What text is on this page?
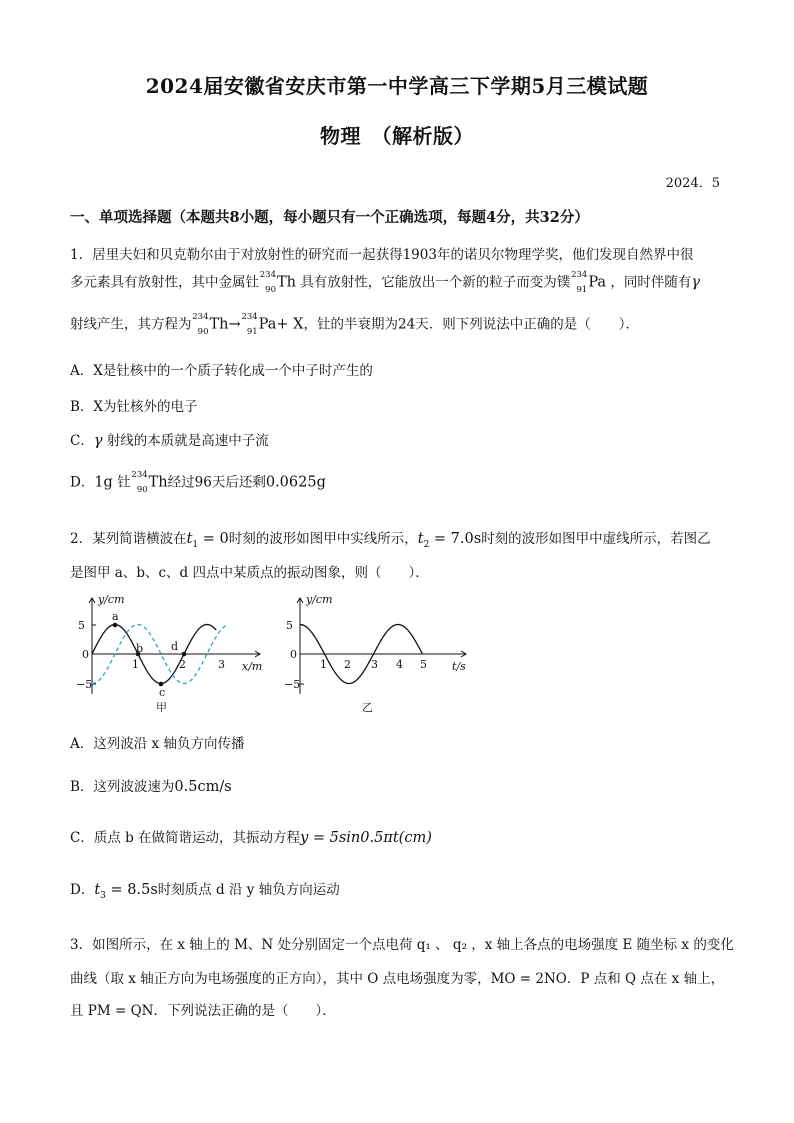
2024届安徽省安庆市第一中学高三下学期5月三模试题
物理　（解析版）
2024．5
一、单项选择题（本题共8小题，每小题只有一个正确选项，每题4分，共32分）
1．居里夫妇和贝克勒尔由于对放射性的研究而一起获得1903年的诺贝尔物理学奖，他们发现自然界中很
多元素具有放射性，其中金属钍 234
90 Th 具有放射性，它能放出一个新的粒子而变为镤 234
91 Pa ，同时伴随有γ
射线产生，其方程为 234
90 Th→ 234
91 Pa+ X，钍的半衰期为24天．则下列说法中正确的是（ ）．
A．X是钍核中的一个质子转化成一个中子时产生的
B．X为钍核外的电子
C．γ 射线的本质就是高速中子流
D．1g 钍 234
90 Th经过96天后还剩0.0625g
2．某列简谐横波在$t_1 = 0$时刻的波形如图甲中实线所示，$t_2 = 7.0s$时刻的波形如图甲中虚线所示，若图乙
是图甲 a、b、c、d 四点中某质点的振动图象，则（　　）．
y/cm
5
0
−5
1	2	3 x/m
a
b
c
d
甲
y/cm
5
0
−5
1 2 3 4 5 t/s
乙
A．这列波沿 x 轴负方向传播
B．这列波波速为0.5cm/s
C．质点 b 在做简谐运动，其振动方程y = 5sin0.5πt(cm)
D．$t_3 = 8.5s$时刻质点 d 沿 y 轴负方向运动
3．如图所示，在 x 轴上的 M、N 处分别固定一个点电荷 q₁ 、 q₂ ，x 轴上各点的电场强度 E 随坐标 x 的变化
曲线（取 x 轴正方向为电场强度的正方向），其中 O 点电场强度为零，MO = 2NO．P 点和 Q 点在 x 轴上，
且 PM = QN．下列说法正确的是（　　）．
